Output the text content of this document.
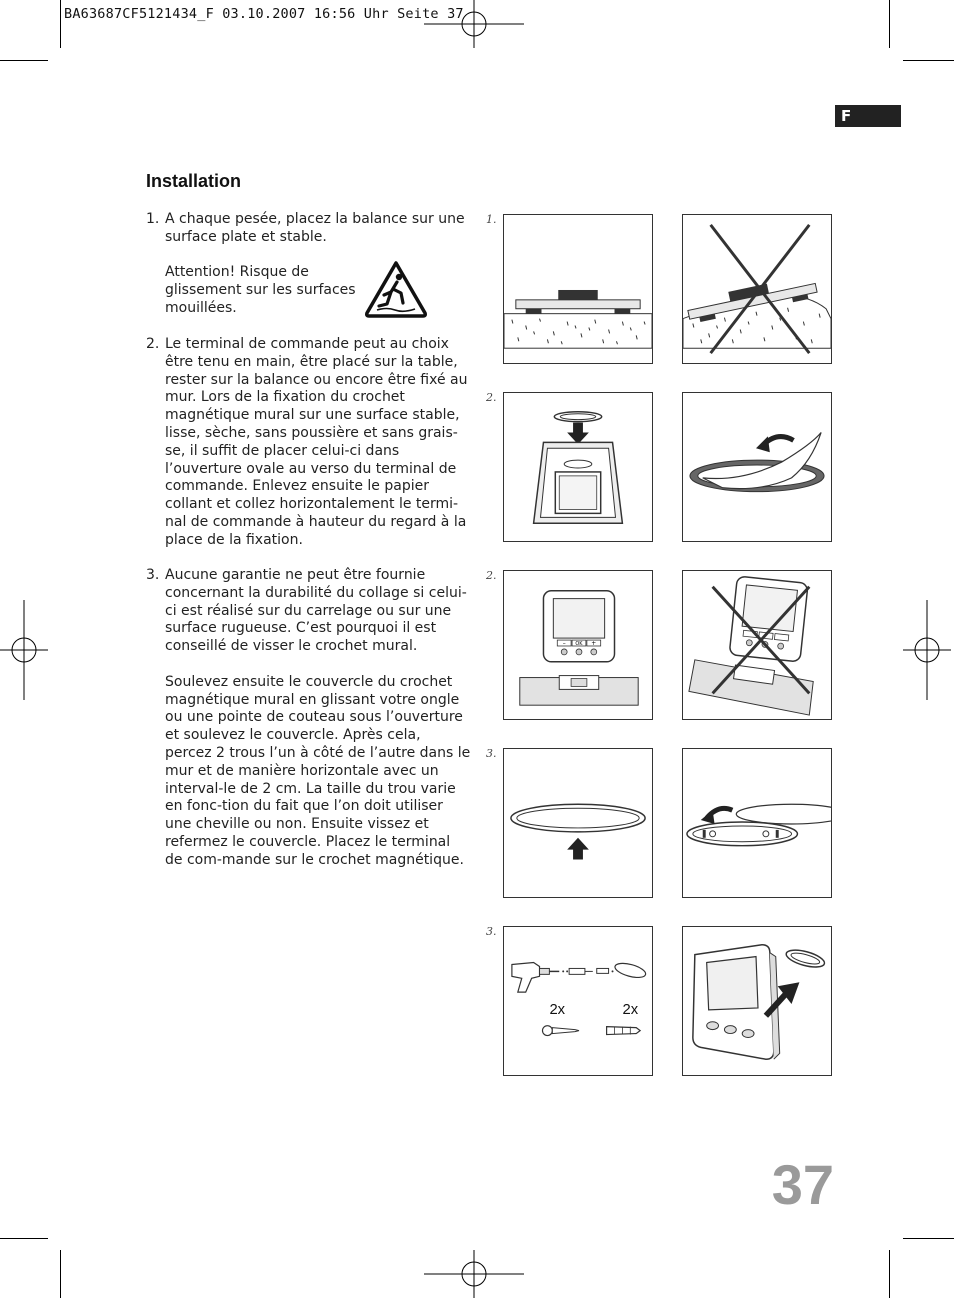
BA63687CF5121434_F 03.10.2007 16:56 Uhr Seite 37
F
Installation
1. A chaque pesée, placez la balance sur une surface plate et stable.

Attention! Risque de glissement sur les surfaces mouillées.

2. Le terminal de commande peut au choix être tenu en main, être placé sur la table, rester sur la balance ou encore être fixé au mur. Lors de la fixation du crochet magnétique mural sur une surface stable, lisse, sèche, sans poussière et sans grais-se, il suffit de placer celui-ci dans l’ouverture ovale au verso du terminal de commande. Enlevez ensuite le papier collant et collez horizontalement le termi-nal de commande à hauteur du regard à la place de la fixation.

3. Aucune garantie ne peut être fournie concernant la durabilité du collage si celui-ci est réalisé sur du carrelage ou sur une surface rugueuse. C’est pourquoi il est conseillé de visser le crochet mural.

Soulevez ensuite le couvercle du crochet magnétique mural en glissant votre ongle ou une pointe de couteau sous l’ouverture et soulevez le couvercle. Après cela, percez 2 trous l’un à côté de l’autre dans le mur et de manière horizontale avec un interval-le de 2 cm. La taille du trou varie en fonc-tion du fait que l’on doit utiliser une cheville ou non. Ensuite vissez et refermez le couvercle. Placez le terminal de com-mande sur le crochet magnétique.

1.
2.
2.
3.
3.
– OK +
2x	2x
37
